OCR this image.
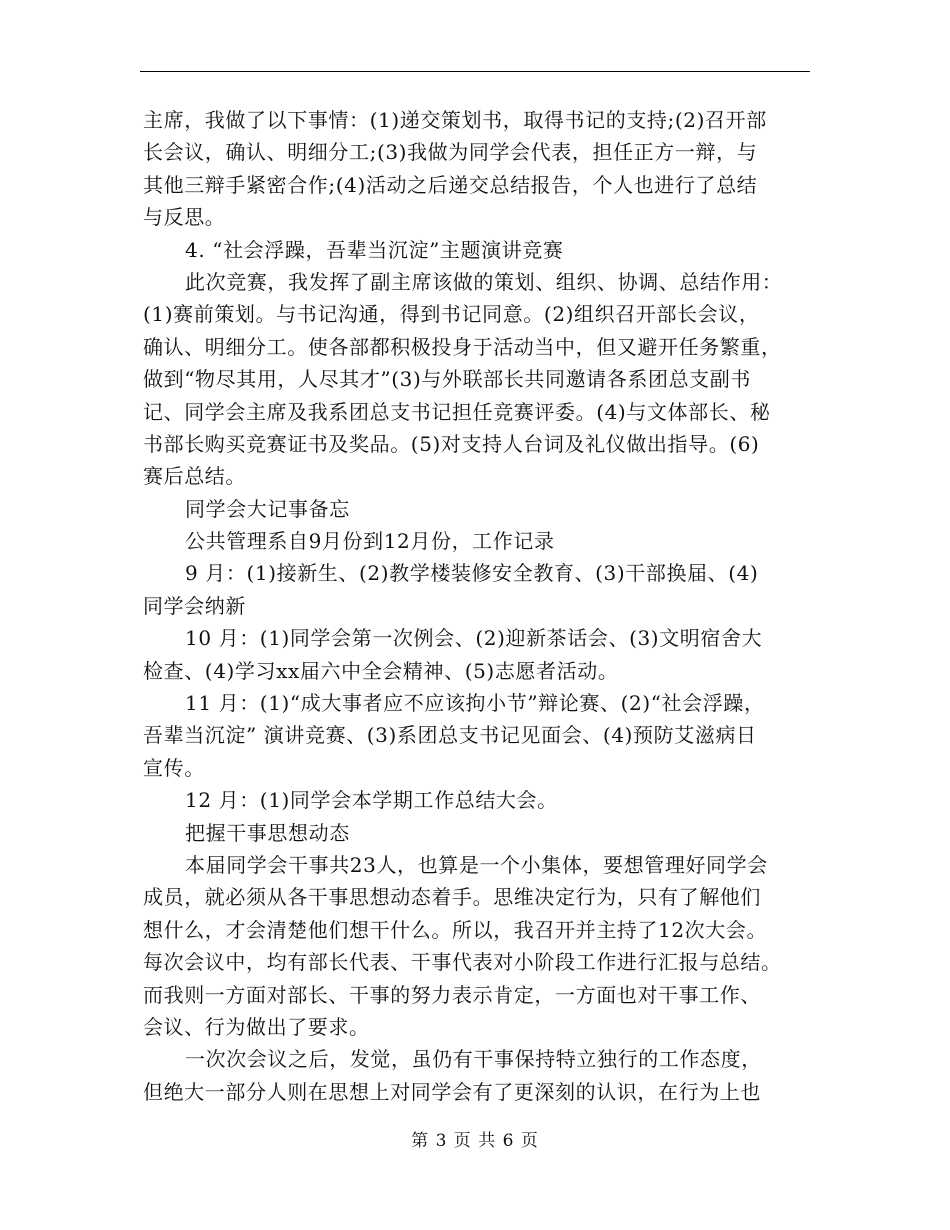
主席，我做了以下事情：(1)递交策划书，取得书记的支持;(2)召开部
长会议，确认、明细分工;(3)我做为同学会代表，担任正方一辩，与
其他三辩手紧密合作;(4)活动之后递交总结报告，个人也进行了总结
与反思。
4. “社会浮躁，吾辈当沉淀”主题演讲竞赛
此次竞赛，我发挥了副主席该做的策划、组织、协调、总结作用：
(1)赛前策划。与书记沟通，得到书记同意。(2)组织召开部长会议，
确认、明细分工。使各部都积极投身于活动当中，但又避开任务繁重，
做到“物尽其用，人尽其才”(3)与外联部长共同邀请各系团总支副书
记、同学会主席及我系团总支书记担任竞赛评委。(4)与文体部长、秘
书部长购买竞赛证书及奖品。(5)对支持人台词及礼仪做出指导。(6)
赛后总结。
同学会大记事备忘
公共管理系自9月份到12月份，工作记录
9 月：(1)接新生、(2)教学楼装修安全教育、(3)干部换届、(4)
同学会纳新
10 月：(1)同学会第一次例会、(2)迎新茶话会、(3)文明宿舍大
检查、(4)学习xx届六中全会精神、(5)志愿者活动。
11 月：(1)“成大事者应不应该拘小节”辩论赛、(2)“社会浮躁，
吾辈当沉淀” 演讲竞赛、(3)系团总支书记见面会、(4)预防艾滋病日
宣传。
12 月：(1)同学会本学期工作总结大会。
把握干事思想动态
本届同学会干事共23人，也算是一个小集体，要想管理好同学会
成员，就必须从各干事思想动态着手。思维决定行为，只有了解他们
想什么，才会清楚他们想干什么。所以，我召开并主持了12次大会。
每次会议中，均有部长代表、干事代表对小阶段工作进行汇报与总结。
而我则一方面对部长、干事的努力表示肯定，一方面也对干事工作、
会议、行为做出了要求。
一次次会议之后，发觉，虽仍有干事保持特立独行的工作态度，
但绝大一部分人则在思想上对同学会有了更深刻的认识，在行为上也
第 3 页 共 6 页
